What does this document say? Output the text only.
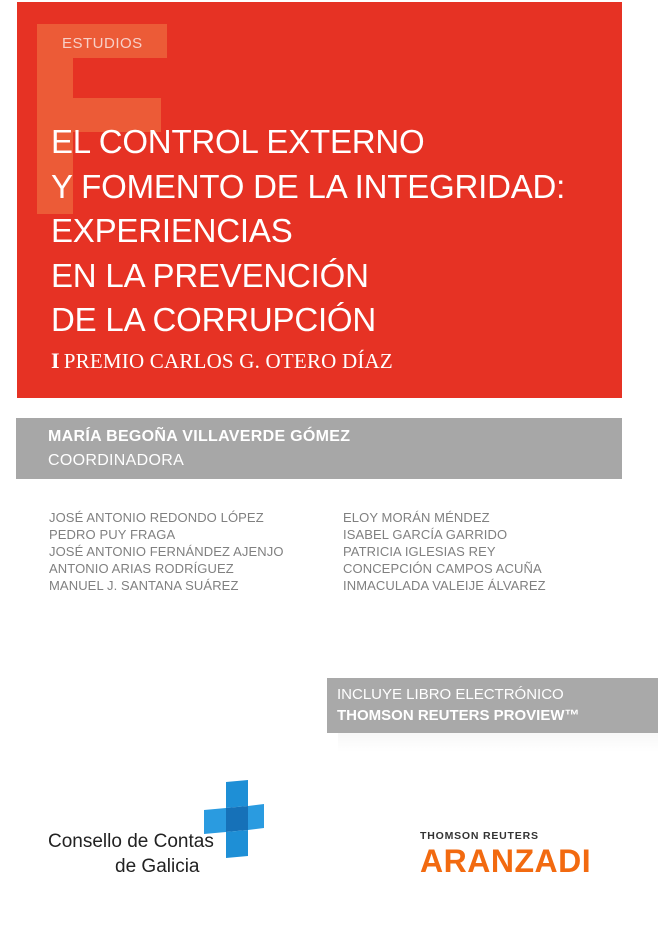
ESTUDIOS
EL CONTROL EXTERNO
Y FOMENTO DE LA INTEGRIDAD:
EXPERIENCIAS
EN LA PREVENCIÓN
DE LA CORRUPCIÓN
I PREMIO CARLOS G. OTERO DÍAZ
MARÍA BEGOÑA VILLAVERDE GÓMEZ
COORDINADORA
JOSÉ ANTONIO REDONDO LÓPEZ
PEDRO PUY FRAGA
JOSÉ ANTONIO FERNÁNDEZ AJENJO
ANTONIO ARIAS RODRÍGUEZ
MANUEL J. SANTANA SUÁREZ
ELOY MORÁN MÉNDEZ
ISABEL GARCÍA GARRIDO
PATRICIA IGLESIAS REY
CONCEPCIÓN CAMPOS ACUÑA
INMACULADA VALEIJE ÁLVAREZ
INCLUYE LIBRO ELECTRÓNICO
THOMSON REUTERS PROVIEW™
Consello de Contas
de Galicia
THOMSON REUTERS
ARANZADI
